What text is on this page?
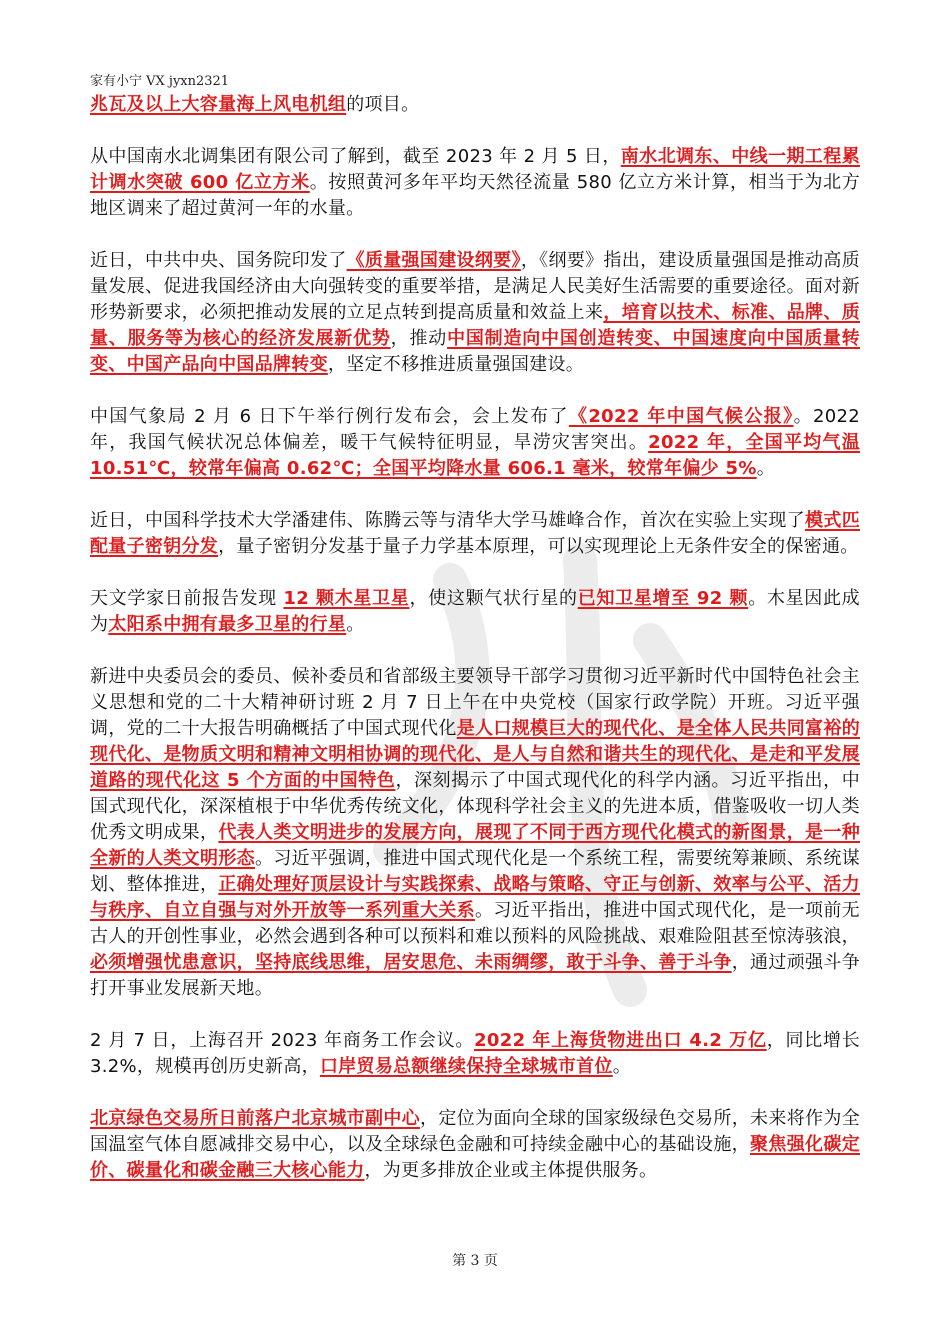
家有小宁 VX jyxn2321

兆瓦及以上大容量海上风电机组的项目。

从中国南水北调集团有限公司了解到，截至 2023 年 2 月 5 日，南水北调东、中线一期工程累计调水突破 600 亿立方米。按照黄河多年平均天然径流量 580 亿立方米计算，相当于为北方地区调来了超过黄河一年的水量。

近日，中共中央、国务院印发了《质量强国建设纲要》，《纲要》指出，建设质量强国是推动高质量发展、促进我国经济由大向强转变的重要举措，是满足人民美好生活需要的重要途径。面对新形势新要求，必须把推动发展的立足点转到提高质量和效益上来，培育以技术、标准、品牌、质量、服务等为核心的经济发展新优势，推动中国制造向中国创造转变、中国速度向中国质量转变、中国产品向中国品牌转变，坚定不移推进质量强国建设。

中国气象局 2 月 6 日下午举行例行发布会，会上发布了《2022 年中国气候公报》。2022 年，我国气候状况总体偏差，暖干气候特征明显，旱涝灾害突出。2022 年，全国平均气温 10.51℃，较常年偏高 0.62℃；全国平均降水量 606.1 毫米，较常年偏少 5%。

近日，中国科学技术大学潘建伟、陈腾云等与清华大学马雄峰合作，首次在实验上实现了模式匹配量子密钥分发，量子密钥分发基于量子力学基本原理，可以实现理论上无条件安全的保密通。

天文学家日前报告发现 12 颗木星卫星，使这颗气状行星的已知卫星增至 92 颗。木星因此成为太阳系中拥有最多卫星的行星。

新进中央委员会的委员、候补委员和省部级主要领导干部学习贯彻习近平新时代中国特色社会主义思想和党的二十大精神研讨班 2 月 7 日上午在中央党校（国家行政学院）开班。习近平强调，党的二十大报告明确概括了中国式现代化是人口规模巨大的现代化、是全体人民共同富裕的现代化、是物质文明和精神文明相协调的现代化、是人与自然和谐共生的现代化、是走和平发展道路的现代化这 5 个方面的中国特色，深刻揭示了中国式现代化的科学内涵。习近平指出，中国式现代化，深深植根于中华优秀传统文化，体现科学社会主义的先进本质，借鉴吸收一切人类优秀文明成果，代表人类文明进步的发展方向，展现了不同于西方现代化模式的新图景，是一种全新的人类文明形态。习近平强调，推进中国式现代化是一个系统工程，需要统筹兼顾、系统谋划、整体推进，正确处理好顶层设计与实践探索、战略与策略、守正与创新、效率与公平、活力与秩序、自立自强与对外开放等一系列重大关系。习近平指出，推进中国式现代化，是一项前无古人的开创性事业，必然会遇到各种可以预料和难以预料的风险挑战、艰难险阻甚至惊涛骇浪，必须增强忧患意识，坚持底线思维，居安思危、未雨绸缪，敢于斗争、善于斗争，通过顽强斗争打开事业发展新天地。

2 月 7 日，上海召开 2023 年商务工作会议。2022 年上海货物进出口 4.2 万亿，同比增长 3.2%，规模再创历史新高，口岸贸易总额继续保持全球城市首位。

北京绿色交易所日前落户北京城市副中心，定位为面向全球的国家级绿色交易所，未来将作为全国温室气体自愿减排交易中心，以及全球绿色金融和可持续金融中心的基础设施，聚焦强化碳定价、碳量化和碳金融三大核心能力，为更多排放企业或主体提供服务。

第 3 页
